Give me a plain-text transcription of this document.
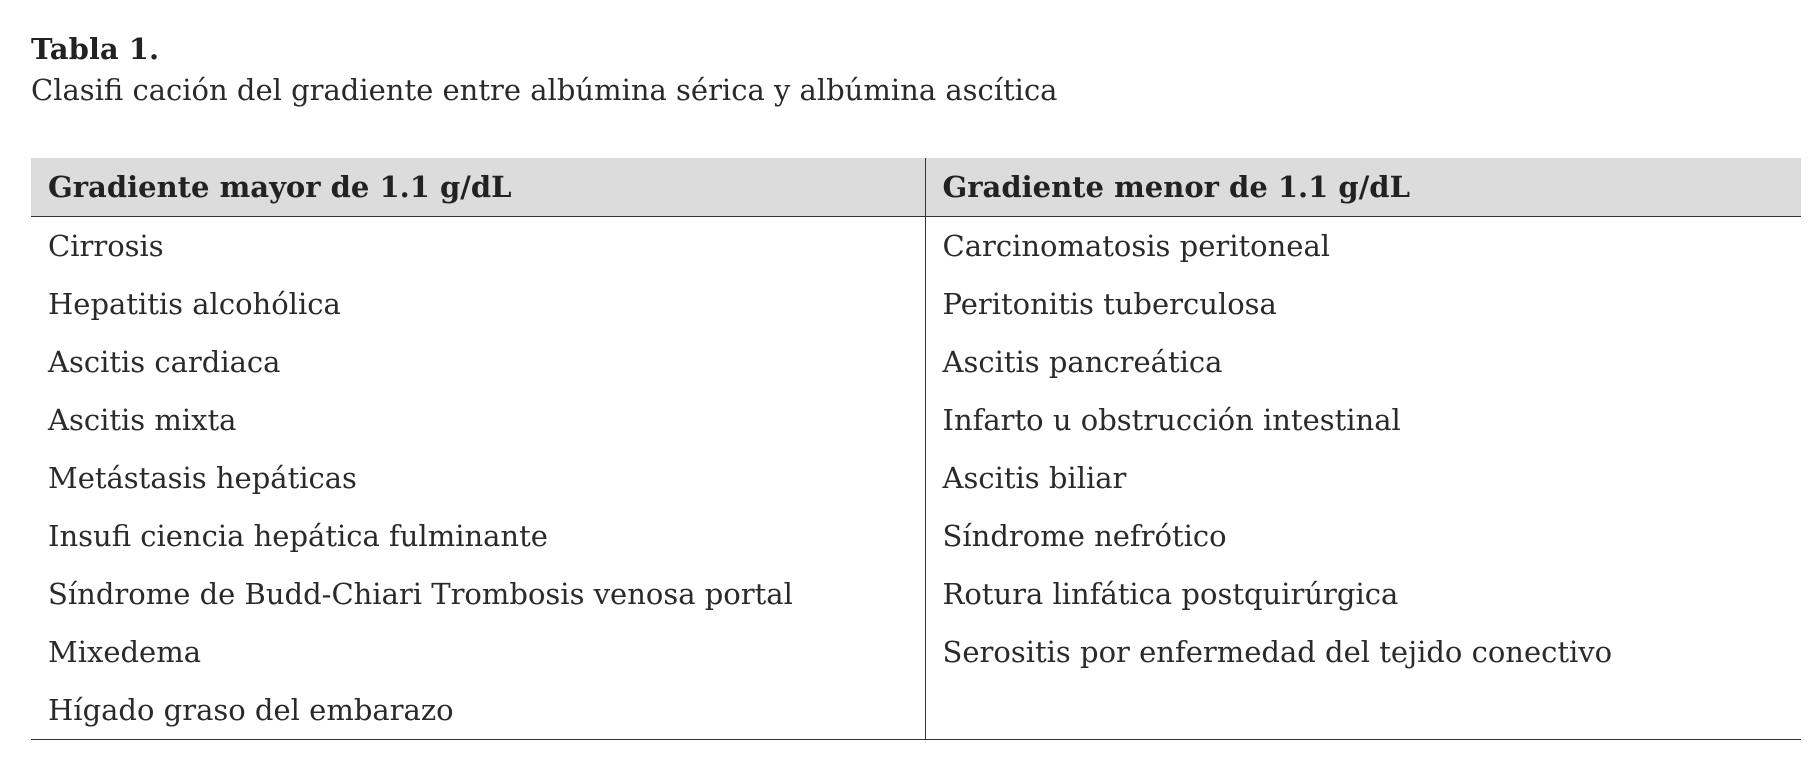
Tabla 1.

Clasifi cación del gradiente entre albúmina sérica y albúmina ascítica

Gradiente mayor de 1.1 g/dL	Gradiente menor de 1.1 g/dL
Cirrosis	Carcinomatosis peritoneal
Hepatitis alcohólica	Peritonitis tuberculosa
Ascitis cardiaca	Ascitis pancreática
Ascitis mixta	Infarto u obstrucción intestinal
Metástasis hepáticas	Ascitis biliar
Insufi ciencia hepática fulminante	Síndrome nefrótico
Síndrome de Budd-Chiari Trombosis venosa portal	Rotura linfática postquirúrgica
Mixedema	Serositis por enfermedad del tejido conectivo
Hígado graso del embarazo	
